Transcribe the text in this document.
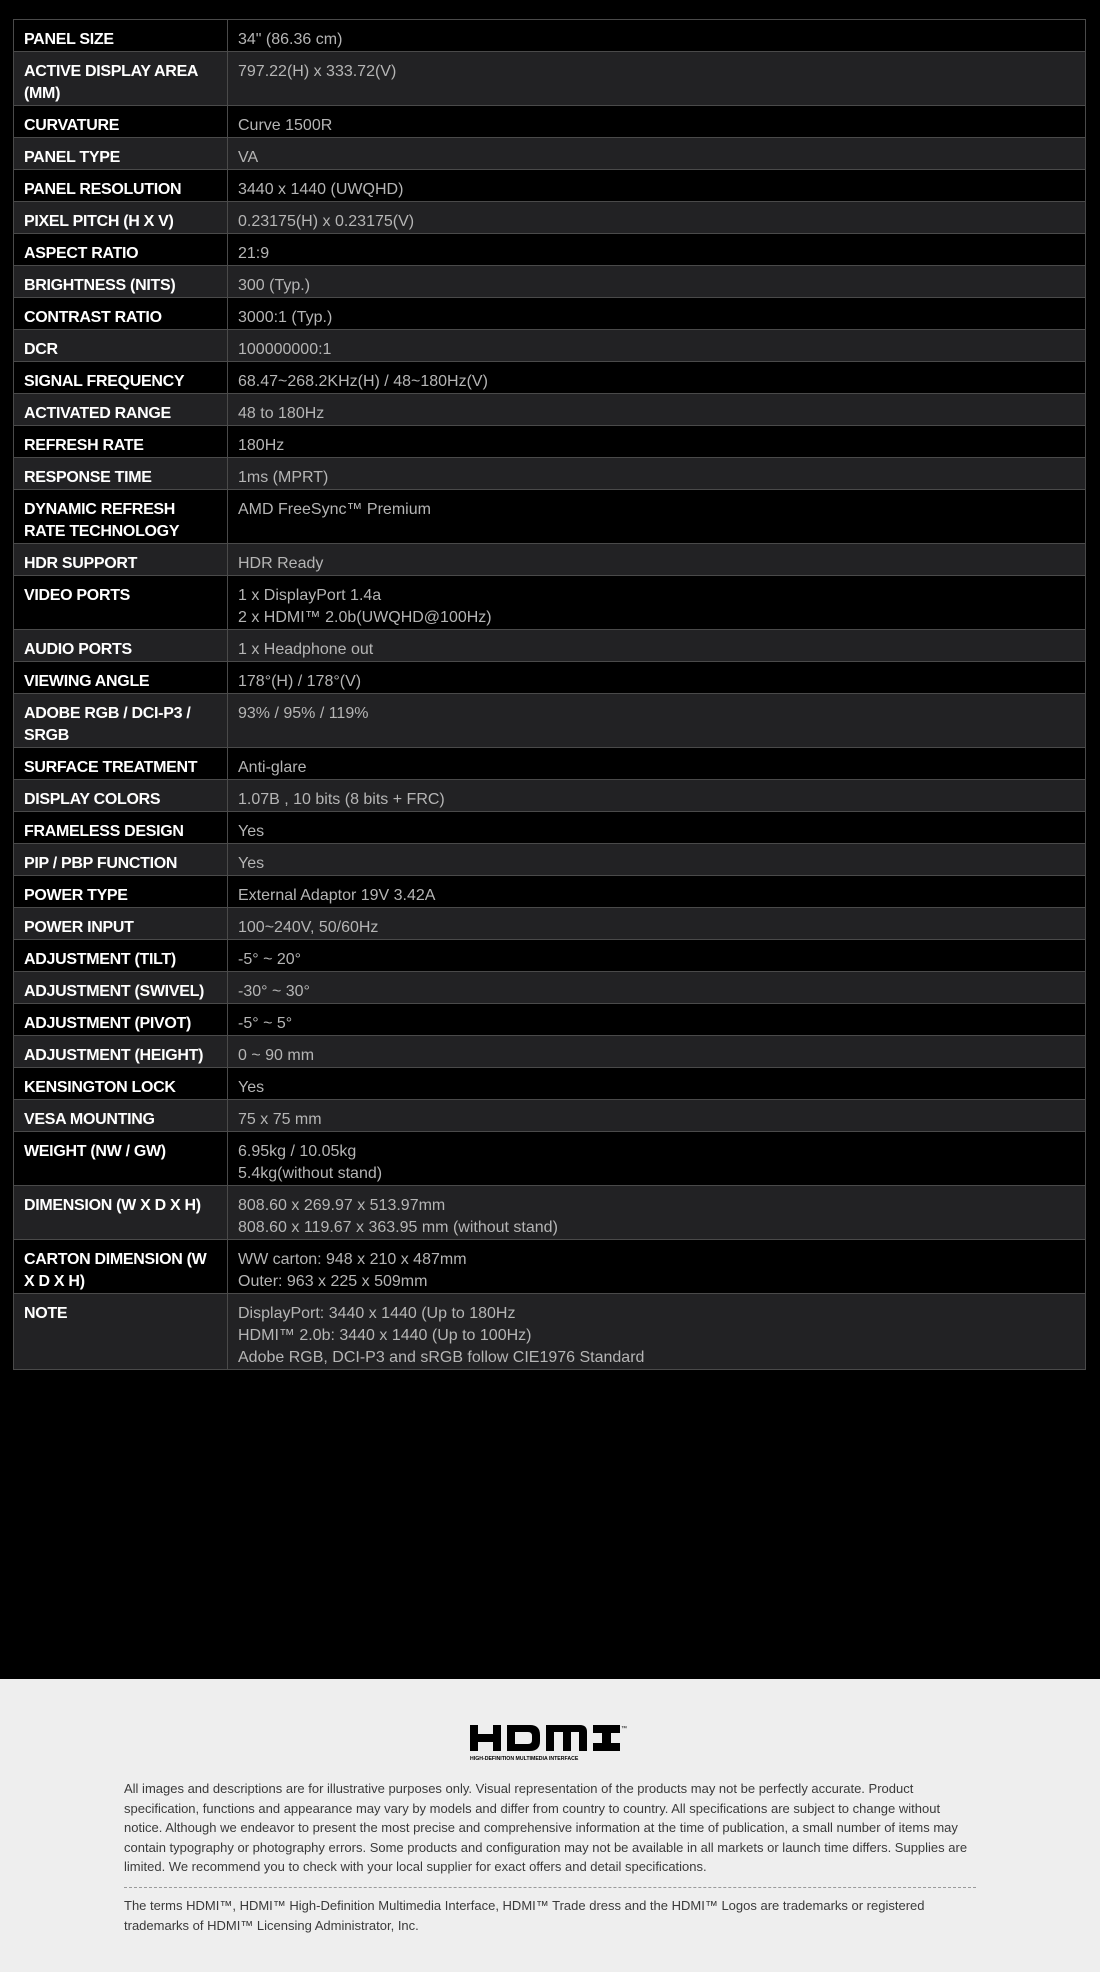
PANEL SIZE	34" (86.36 cm)

ACTIVE DISPLAY AREA (MM)	797.22(H) x 333.72(V)

CURVATURE	Curve 1500R

PANEL TYPE	VA

PANEL RESOLUTION	3440 x 1440 (UWQHD)

PIXEL PITCH (H X V)	0.23175(H) x 0.23175(V)

ASPECT RATIO	21:9

BRIGHTNESS (NITS)	300 (Typ.)

CONTRAST RATIO	3000:1 (Typ.)

DCR	100000000:1

SIGNAL FREQUENCY	68.47~268.2KHz(H) / 48~180Hz(V)

ACTIVATED RANGE	48 to 180Hz

REFRESH RATE	180Hz

RESPONSE TIME	1ms (MPRT)

DYNAMIC REFRESH RATE TECHNOLOGY	AMD FreeSync™ Premium

HDR SUPPORT	HDR Ready

VIDEO PORTS	1 x DisplayPort 1.4a
2 x HDMI™ 2.0b(UWQHD@100Hz)

AUDIO PORTS	1 x Headphone out

VIEWING ANGLE	178°(H) / 178°(V)

ADOBE RGB / DCI-P3 / SRGB	93% / 95% / 119%

SURFACE TREATMENT	Anti-glare

DISPLAY COLORS	1.07B , 10 bits (8 bits + FRC)

FRAMELESS DESIGN	Yes

PIP / PBP FUNCTION	Yes

POWER TYPE	External Adaptor 19V 3.42A

POWER INPUT	100~240V, 50/60Hz

ADJUSTMENT (TILT)	-5° ~ 20°

ADJUSTMENT (SWIVEL)	-30° ~ 30°

ADJUSTMENT (PIVOT)	-5° ~ 5°

ADJUSTMENT (HEIGHT)	0 ~ 90 mm

KENSINGTON LOCK	Yes

VESA MOUNTING	75 x 75 mm

WEIGHT (NW / GW)	6.95kg / 10.05kg
5.4kg(without stand)

DIMENSION (W X D X H)	808.60 x 269.97 x 513.97mm
808.60 x 119.67 x 363.95 mm (without stand)

CARTON DIMENSION (W X D X H)	WW carton: 948 x 210 x 487mm
Outer: 963 x 225 x 509mm

NOTE	DisplayPort: 3440 x 1440 (Up to 180Hz
HDMI™ 2.0b: 3440 x 1440 (Up to 100Hz)
Adobe RGB, DCI-P3 and sRGB follow CIE1976 Standard
™
HIGH-DEFINITION MULTIMEDIA INTERFACE

All images and descriptions are for illustrative purposes only. Visual representation of the products may not be perfectly accurate. Product specification, functions and appearance may vary by models and differ from country to country. All specifications are subject to change without notice. Although we endeavor to present the most precise and comprehensive information at the time of publication, a small number of items may contain typography or photography errors. Some products and configuration may not be available in all markets or launch time differs. Supplies are limited. We recommend you to check with your local supplier for exact offers and detail specifications.

The terms HDMI™, HDMI™ High-Definition Multimedia Interface, HDMI™ Trade dress and the HDMI™ Logos are trademarks or registered trademarks of HDMI™ Licensing Administrator, Inc.
